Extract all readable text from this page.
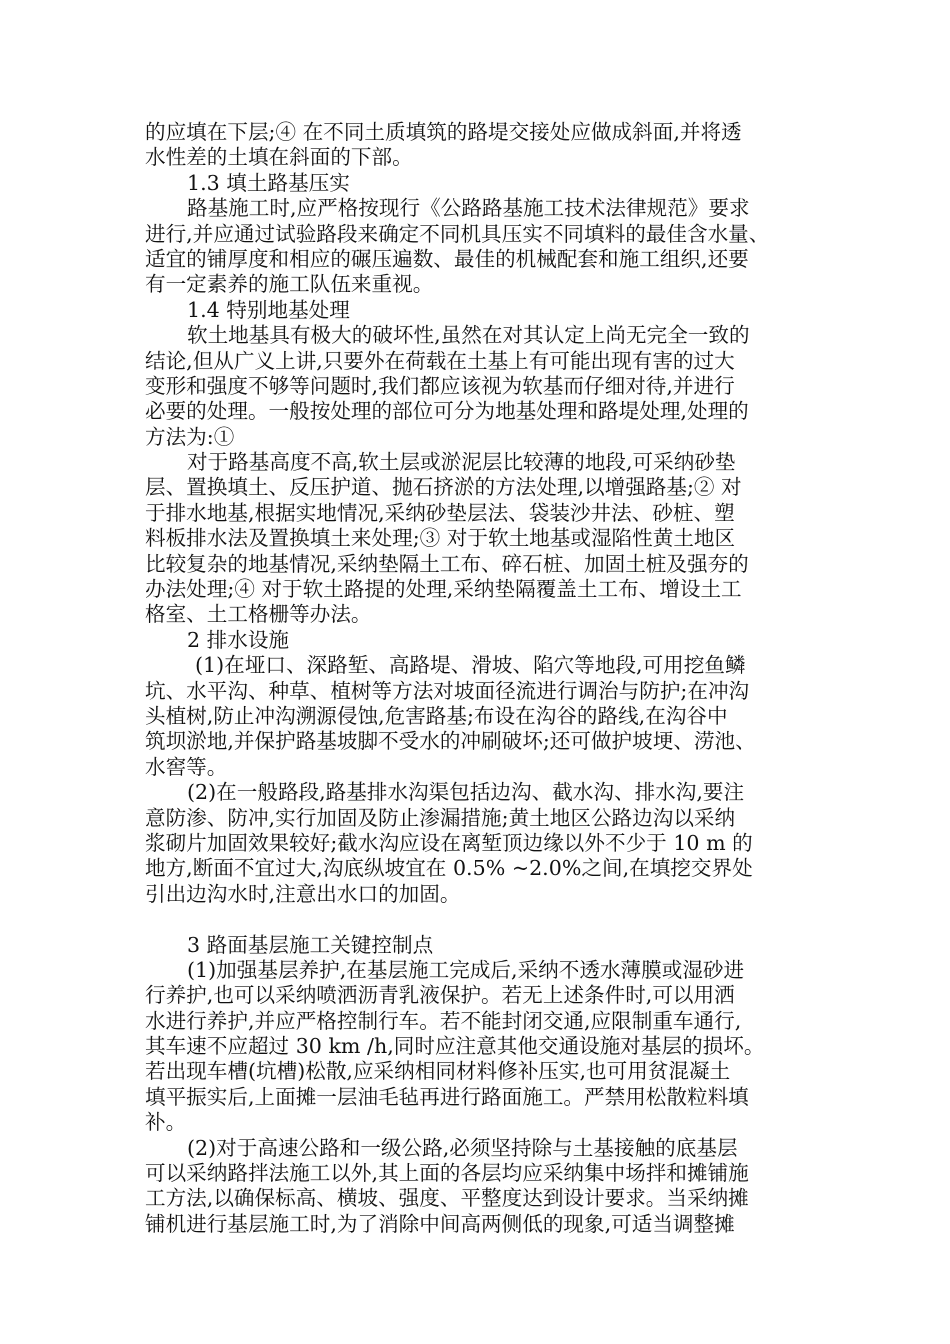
的应填在下层;④ 在不同土质填筑的路堤交接处应做成斜面,并将透
水性差的土填在斜面的下部。
1.3 填土路基压实
路基施工时,应严格按现行《公路路基施工技术法律规范》要求
进行,并应通过试验路段来确定不同机具压实不同填料的最佳含水量、
适宜的铺厚度和相应的碾压遍数、最佳的机械配套和施工组织,还要
有一定素养的施工队伍来重视。
1.4 特别地基处理
软土地基具有极大的破坏性,虽然在对其认定上尚无完全一致的
结论,但从广义上讲,只要外在荷载在土基上有可能出现有害的过大
变形和强度不够等问题时,我们都应该视为软基而仔细对待,并进行
必要的处理。一般按处理的部位可分为地基处理和路堤处理,处理的
方法为:①
对于路基高度不高,软土层或淤泥层比较薄的地段,可采纳砂垫
层、置换填土、反压护道、抛石挤淤的方法处理,以增强路基;② 对
于排水地基,根据实地情况,采纳砂垫层法、袋装沙井法、砂桩、塑
料板排水法及置换填土来处理;③ 对于软土地基或湿陷性黄土地区
比较复杂的地基情况,采纳垫隔土工布、碎石桩、加固土桩及强夯的
办法处理;④ 对于软土路提的处理,采纳垫隔覆盖土工布、增设土工
格室、土工格栅等办法。
2 排水设施
(1)在垭口、深路堑、高路堤、滑坡、陷穴等地段,可用挖鱼鳞
坑、水平沟、种草、植树等方法对坡面径流进行调治与防护;在冲沟
头植树,防止冲沟溯源侵蚀,危害路基;布设在沟谷的路线,在沟谷中
筑坝淤地,并保护路基坡脚不受水的冲刷破坏;还可做护坡埂、涝池、
水窖等。
(2)在一般路段,路基排水沟渠包括边沟、截水沟、排水沟,要注
意防渗、防冲,实行加固及防止渗漏措施;黄土地区公路边沟以采纳
浆砌片加固效果较好;截水沟应设在离堑顶边缘以外不少于 10 m 的
地方,断面不宜过大,沟底纵坡宜在 0.5% ~2.0%之间,在填挖交界处
引出边沟水时,注意出水口的加固。
3 路面基层施工关键控制点
(1)加强基层养护,在基层施工完成后,采纳不透水薄膜或湿砂进
行养护,也可以采纳喷洒沥青乳液保护。若无上述条件时,可以用洒
水进行养护,并应严格控制行车。若不能封闭交通,应限制重车通行,
其车速不应超过 30 km /h,同时应注意其他交通设施对基层的损坏。
若出现车槽(坑槽)松散,应采纳相同材料修补压实,也可用贫混凝土
填平振实后,上面摊一层油毛毡再进行路面施工。严禁用松散粒料填
补。
(2)对于高速公路和一级公路,必须坚持除与土基接触的底基层
可以采纳路拌法施工以外,其上面的各层均应采纳集中场拌和摊铺施
工方法,以确保标高、横坡、强度、平整度达到设计要求。当采纳摊
铺机进行基层施工时,为了消除中间高两侧低的现象,可适当调整摊
